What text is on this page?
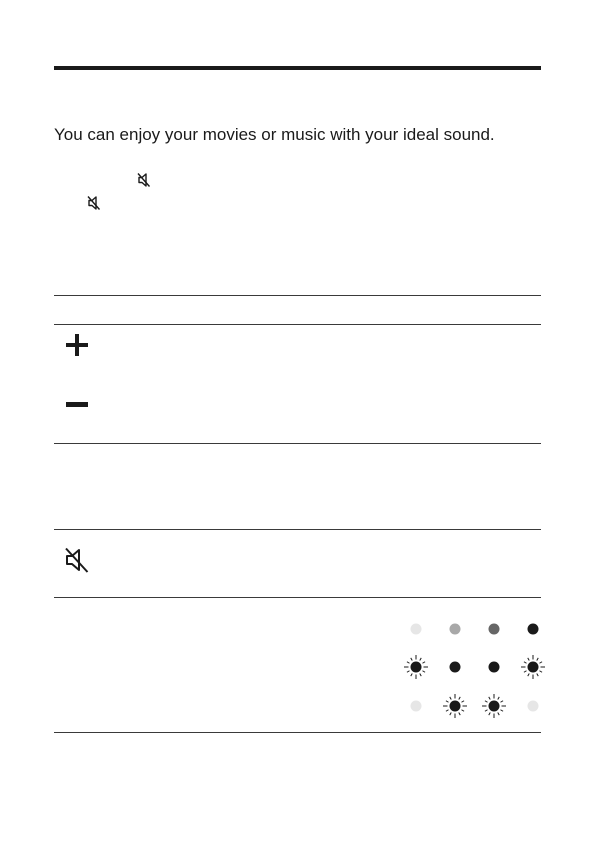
You can enjoy your movies or music with your ideal sound.
